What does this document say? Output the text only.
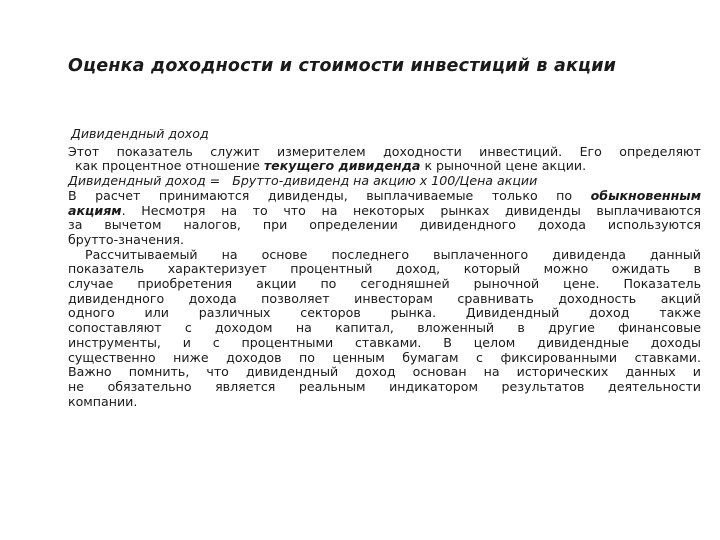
Оценка доходности и стоимости инвестиций в акции
Дивидендный доход
Этот показатель служит измерителем доходности инвестиций. Его определяют
как процентное отношение текущего дивиденда к рыночной цене акции.
Дивидендный доход = Брутто-дивиденд на акцию х 100/Цена акции
В расчет принимаются дивиденды, выплачиваемые только по обыкновенным
акциям. Несмотря на то что на некоторых рынках дивиденды выплачиваются
за вычетом налогов, при определении дивидендного дохода используются
брутто-значения.
Рассчитываемый на основе последнего выплаченного дивиденда данный
показатель характеризует процентный доход, который можно ожидать в
случае приобретения акции по сегодняшней рыночной цене. Показатель
дивидендного дохода позволяет инвесторам сравнивать доходность акций
одного или различных секторов рынка. Дивидендный доход также
сопоставляют с доходом на капитал, вложенный в другие финансовые
инструменты, и с процентными ставками. В целом дивидендные доходы
существенно ниже доходов по ценным бумагам с фиксированными ставками.
Важно помнить, что дивидендный доход основан на исторических данных и
не обязательно является реальным индикатором результатов деятельности
компании.
